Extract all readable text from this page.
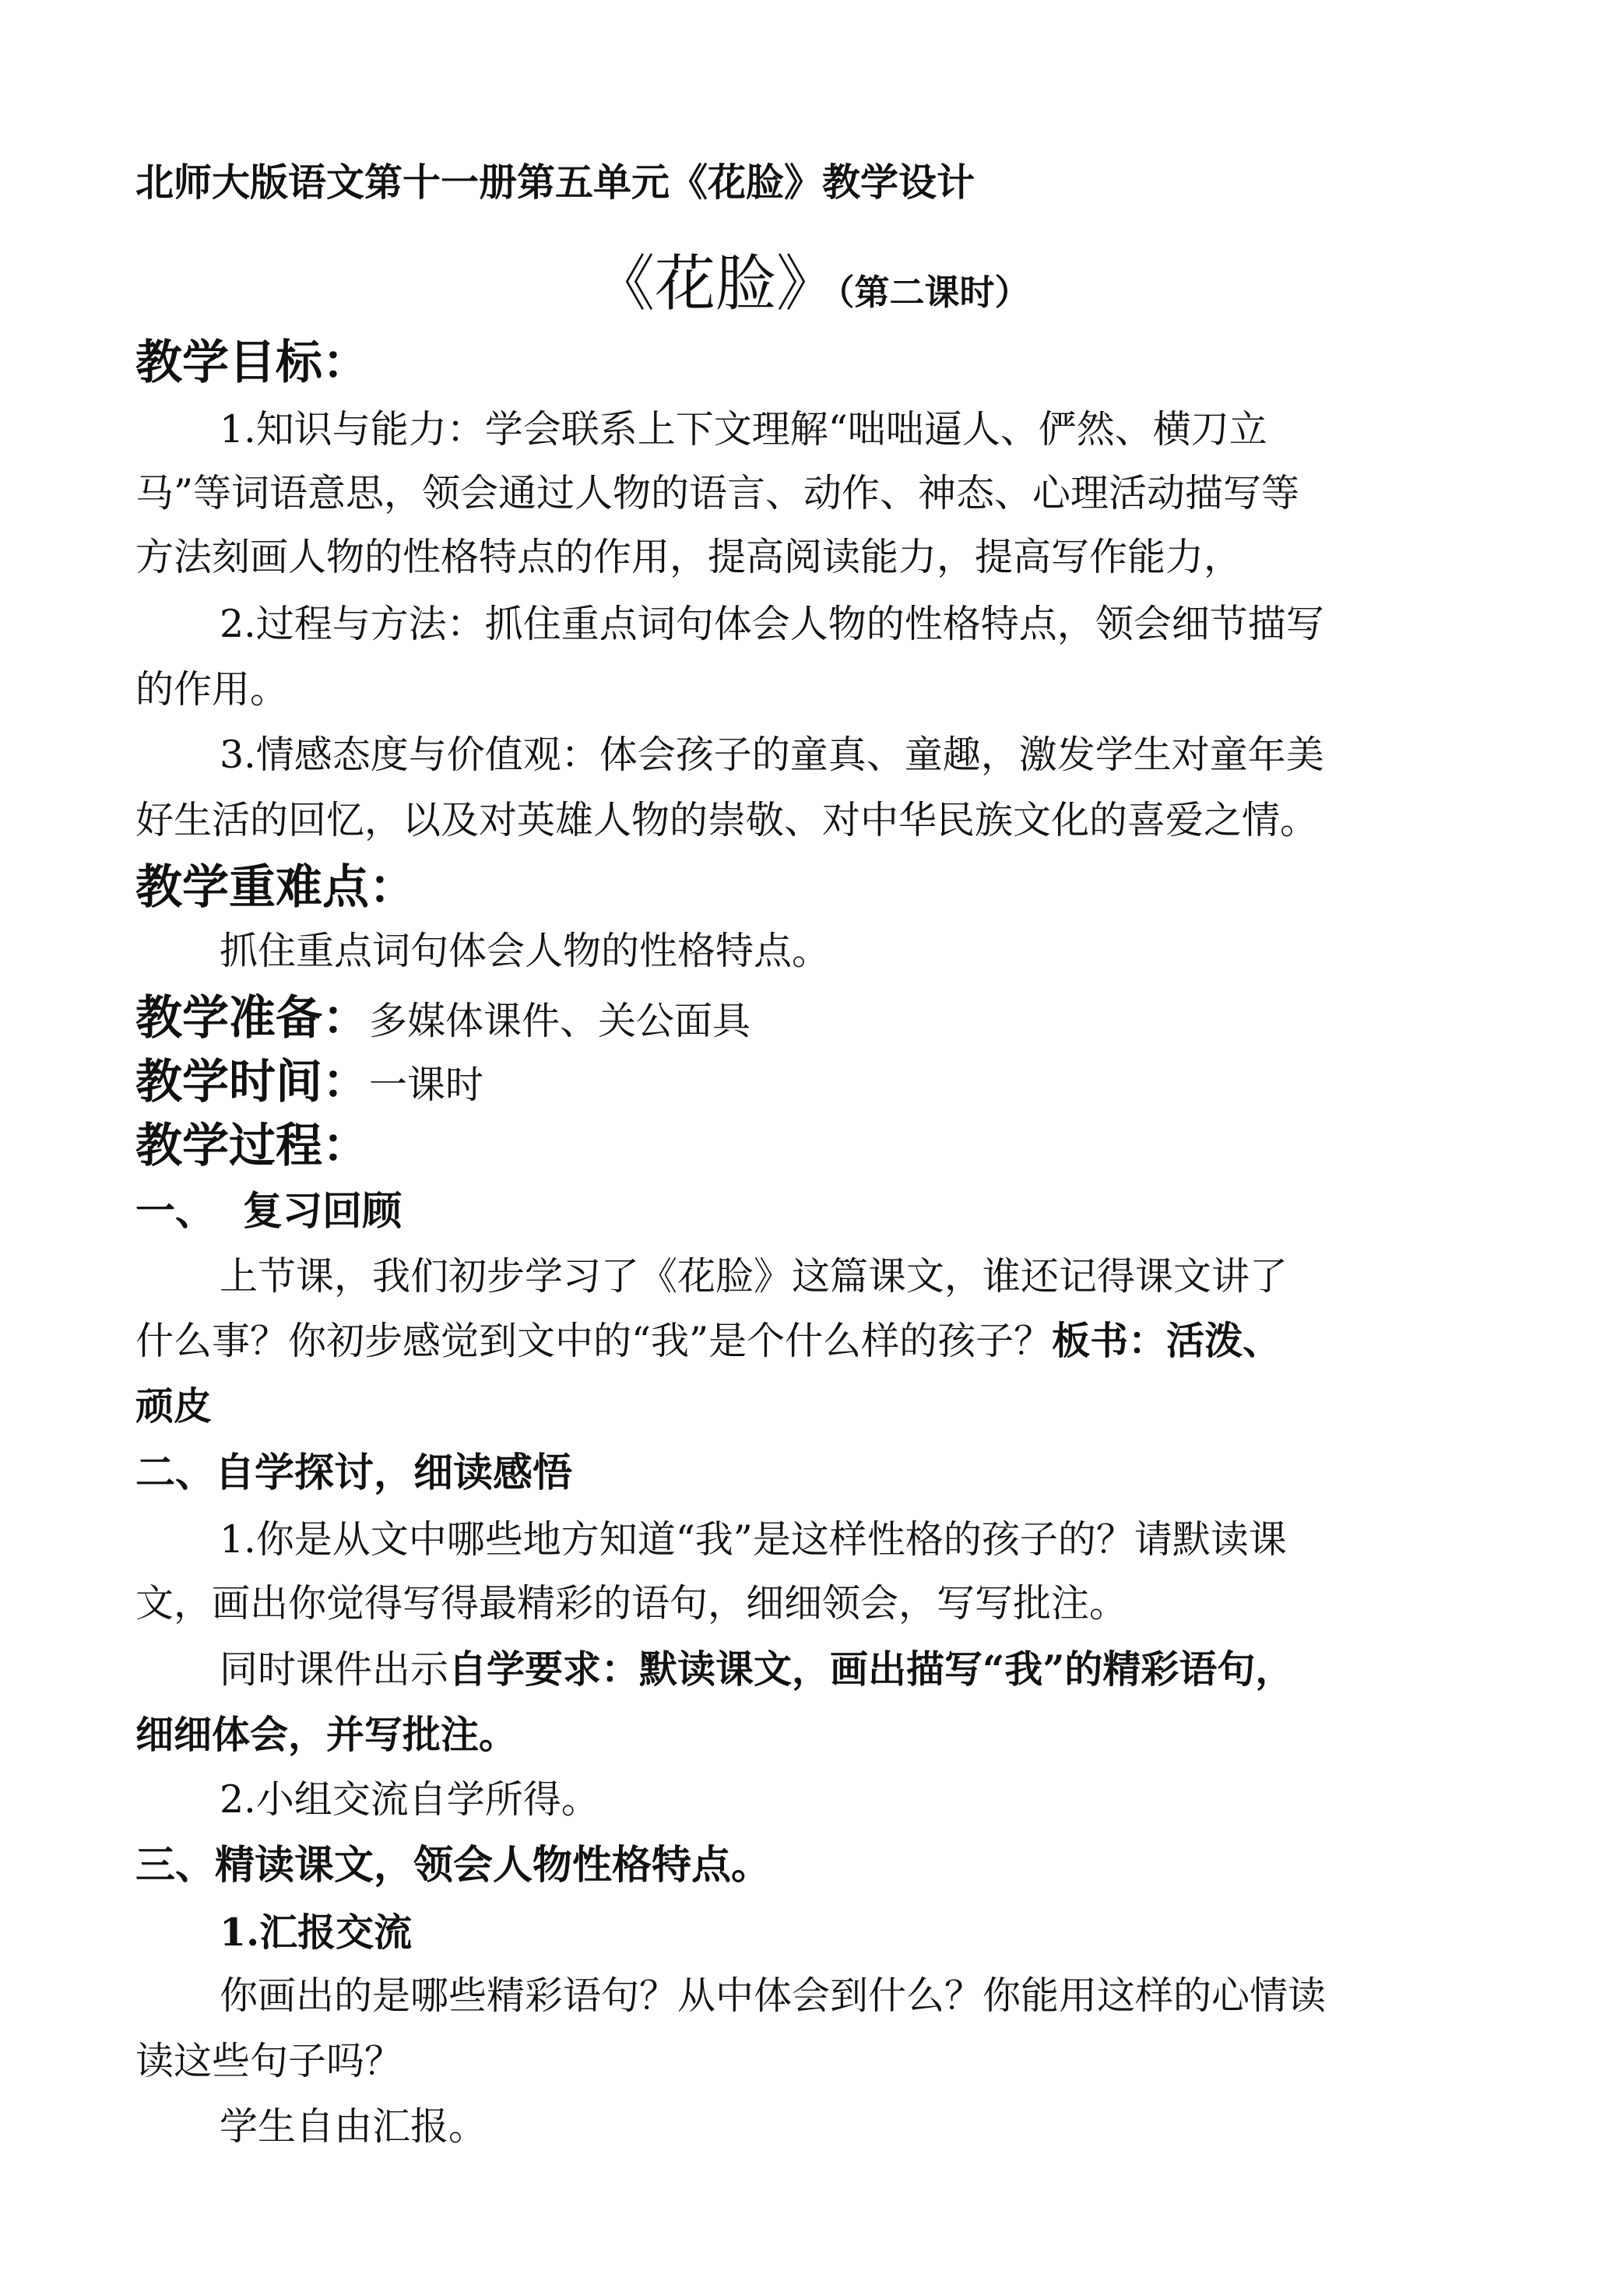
北师大版语文第十一册第五单元《花脸》教学设计
《花脸》（第二课时）
教学目标：
1.知识与能力：学会联系上下文理解“咄咄逼人、俨然、横刀立
马”等词语意思，领会通过人物的语言、动作、神态、心理活动描写等
方法刻画人物的性格特点的作用，提高阅读能力，提高写作能力，
2.过程与方法：抓住重点词句体会人物的性格特点，领会细节描写
的作用。
3.情感态度与价值观：体会孩子的童真、童趣，激发学生对童年美
好生活的回忆，以及对英雄人物的崇敬、对中华民族文化的喜爱之情。
教学重难点：
抓住重点词句体会人物的性格特点。
教学准备：多媒体课件、关公面具
教学时间：一课时
教学过程：
一、 复习回顾
上节课，我们初步学习了《花脸》这篇课文，谁还记得课文讲了
什么事？你初步感觉到文中的“我”是个什么样的孩子？板书：活泼、
顽皮
二、自学探讨，细读感悟
1.你是从文中哪些地方知道“我”是这样性格的孩子的？请默读课
文，画出你觉得写得最精彩的语句，细细领会，写写批注。
同时课件出示自学要求：默读课文，画出描写“我”的精彩语句，
细细体会，并写批注。
2.小组交流自学所得。
三、精读课文，领会人物性格特点。
1.汇报交流
你画出的是哪些精彩语句？从中体会到什么？你能用这样的心情读
读这些句子吗？
学生自由汇报。
